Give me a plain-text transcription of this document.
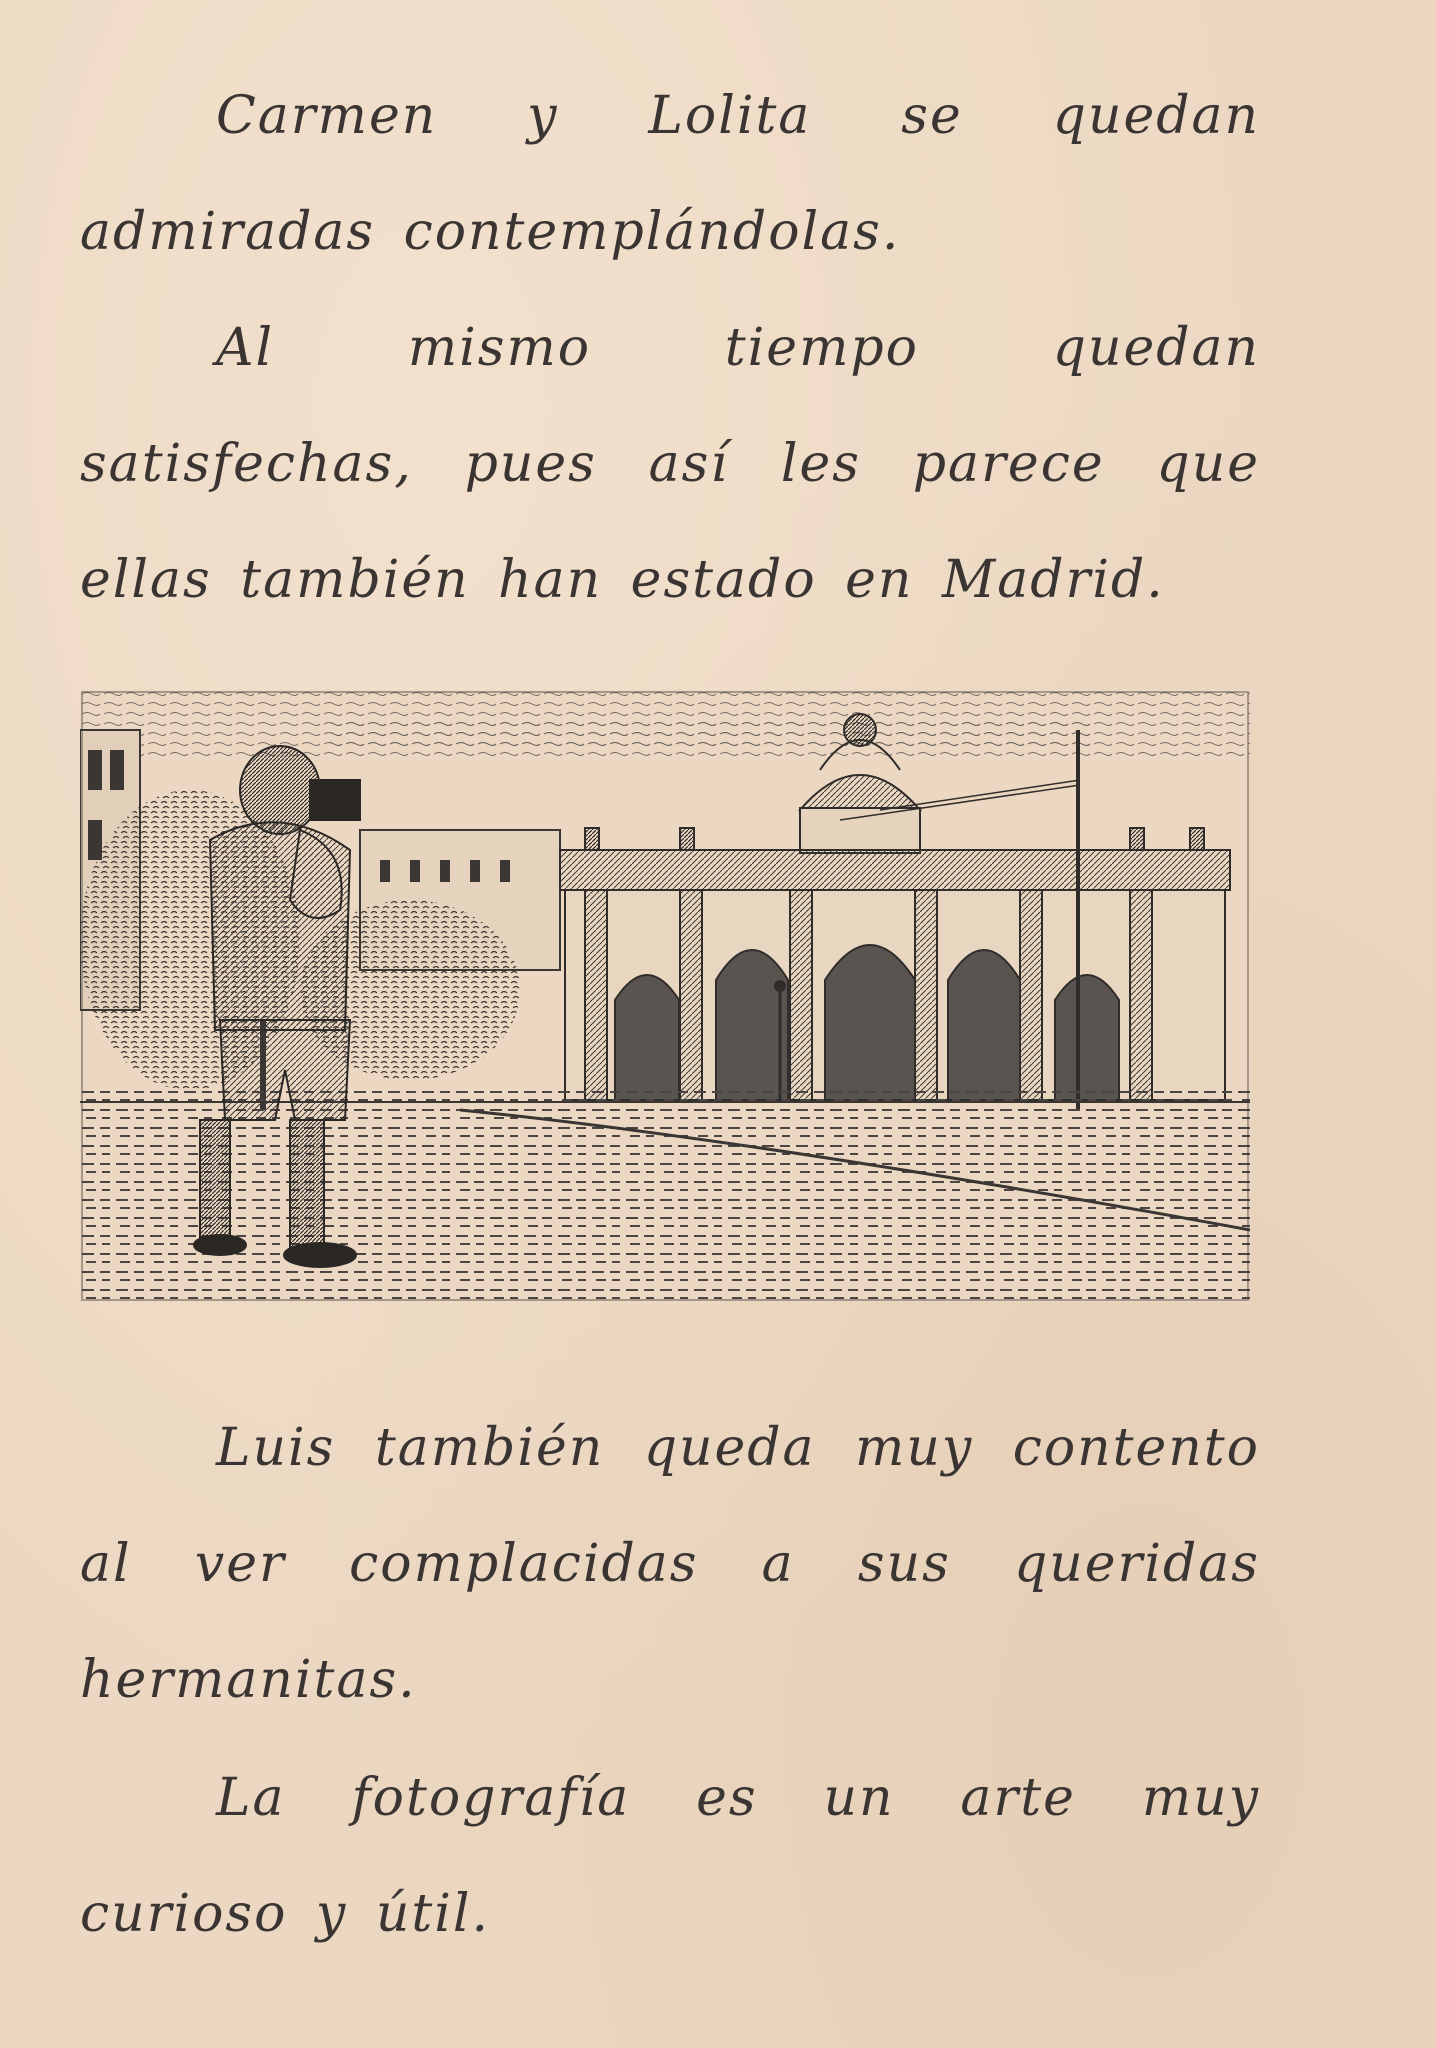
Carmen y Lolita se quedan admiradas contemplándolas.

Al mismo tiempo quedan satisfechas, pues así les parece que ellas también han estado en Madrid.

Luis también queda muy contento al ver complacidas a sus queridas hermanitas.

La fotografía es un arte muy curioso y útil.
